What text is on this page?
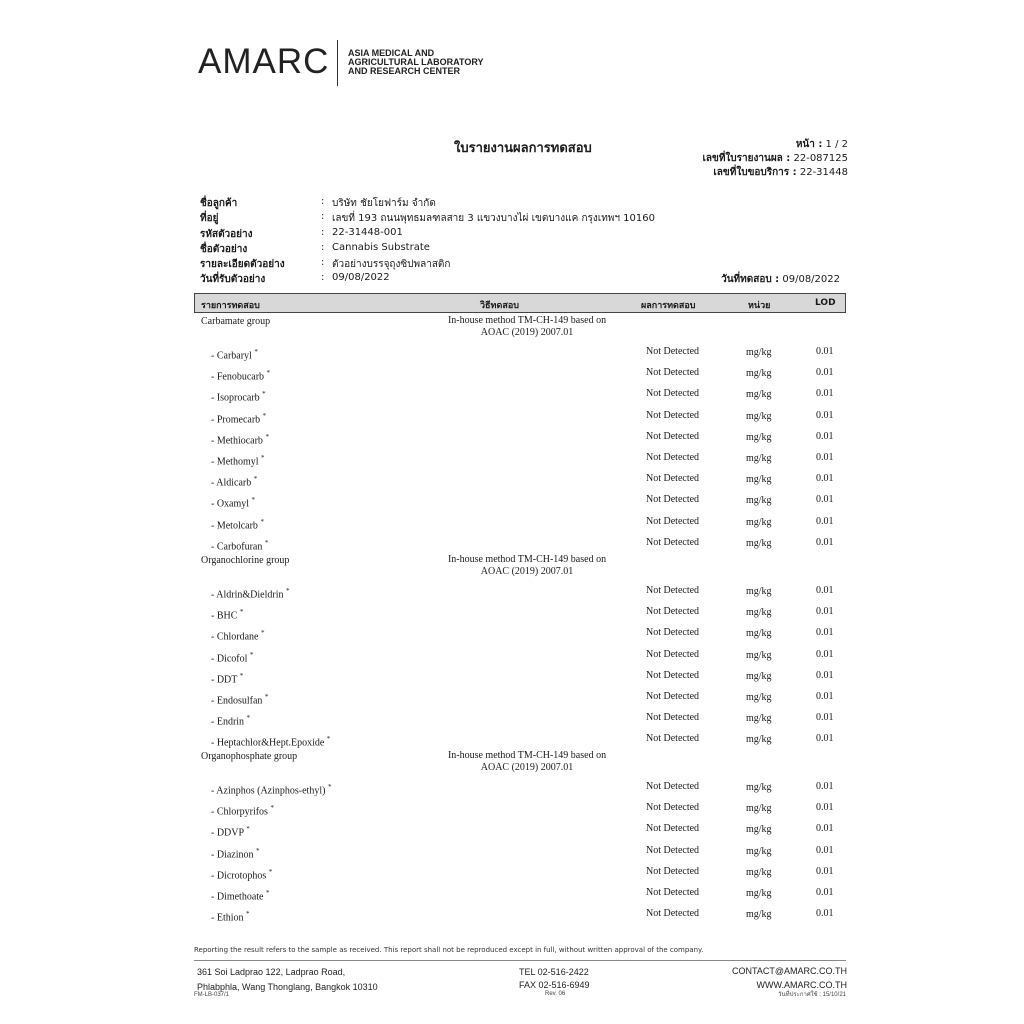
AMARC ASIA MEDICAL AND
AGRICULTURAL LABORATORY
AND RESEARCH CENTER
ใบรายงานผลการทดสอบ	หน้า : 1 / 2
เลขที่ใบรายงานผล : 22-087125
เลขที่ใบขอบริการ : 22-31448
ชื่อลูกค้า	: บริษัท ชัยโยฟาร์ม จำกัด
ที่อยู่	: เลขที่ 193 ถนนพุทธมลฑลสาย 3 แขวงบางไผ่ เขตบางแค กรุงเทพฯ 10160
รหัสตัวอย่าง	: 22-31448-001
ชื่อตัวอย่าง	: Cannabis Substrate
รายละเอียดตัวอย่าง	: ตัวอย่างบรรจุถุงซิปพลาสติก
วันที่รับตัวอย่าง	: 09/08/2022	วันที่ทดสอบ : 09/08/2022
รายการทดสอบ	วิธีทดสอบ	ผลการทดสอบ	หน่วย	LOD
Carbamate group	In-house method TM-CH-149 based on
AOAC (2019) 2007.01
- Carbaryl *	Not Detected	mg/kg	0.01
- Fenobucarb *	Not Detected	mg/kg	0.01
- Isoprocarb *	Not Detected	mg/kg	0.01
- Promecarb *	Not Detected	mg/kg	0.01
- Methiocarb *	Not Detected	mg/kg	0.01
- Methomyl *	Not Detected	mg/kg	0.01
- Aldicarb *	Not Detected	mg/kg	0.01
- Oxamyl *	Not Detected	mg/kg	0.01
- Metolcarb *	Not Detected	mg/kg	0.01
- Carbofuran *	Not Detected	mg/kg	0.01
Organochlorine group	In-house method TM-CH-149 based on
AOAC (2019) 2007.01
- Aldrin&Dieldrin *	Not Detected	mg/kg	0.01
- BHC *	Not Detected	mg/kg	0.01
- Chlordane *	Not Detected	mg/kg	0.01
- Dicofol *	Not Detected	mg/kg	0.01
- DDT *	Not Detected	mg/kg	0.01
- Endosulfan *	Not Detected	mg/kg	0.01
- Endrin *	Not Detected	mg/kg	0.01
- Heptachlor&Hept.Epoxide *	Not Detected	mg/kg	0.01
Organophosphate group	In-house method TM-CH-149 based on
AOAC (2019) 2007.01
- Azinphos (Azinphos-ethyl) *	Not Detected	mg/kg	0.01
- Chlorpyrifos *	Not Detected	mg/kg	0.01
- DDVP *	Not Detected	mg/kg	0.01
- Diazinon *	Not Detected	mg/kg	0.01
- Dicrotophos *	Not Detected	mg/kg	0.01
- Dimethoate *	Not Detected	mg/kg	0.01
- Ethion *	Not Detected	mg/kg	0.01
Reporting the result refers to the sample as received. This report shall not be reproduced except in full, without written approval of the company.
361 Soi Ladprao 122, Ladprao Road,
Phlabphla, Wang Thonglang, Bangkok 10310
FM-LB-037/1
TEL 02-516-2422
FAX 02-516-6949
Rev. 06
CONTACT@AMARC.CO.TH
WWW.AMARC.CO.TH
วันที่ประกาศใช้ : 15/10/21
